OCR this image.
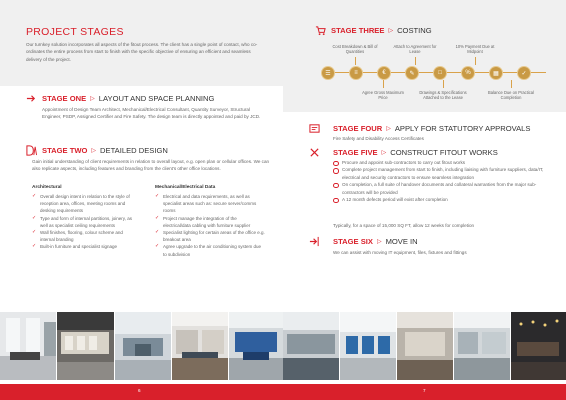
PROJECT STAGES
Our turnkey solution incorporates all aspects of the fitout process. The client has a single point of contact, who co-ordinates the entire process from start to finish with the specific objective of ensuring an efficient and seamless delivery of the project.
STAGE ONE ▷ LAYOUT AND SPACE PLANNING
Appointment of Design Team Architect, Mechanical/Electrical Consultant, Quantity Surveyor, Structural Engineer, PSDP, Assigned Certifier and Fire Safety. The design team is directly appointed and paid by JCD.
STAGE TWO ▷ DETAILED DESIGN
Gain initial understanding of client requirements in relation to overall layout, e.g. open plan or cellular offices. We can also replicate aspects, including features and branding from the client's other office locations.
Architectural
✓ Overall design intent in relation to the style of reception area, offices, meeting rooms and desking requirements
✓ Type and form of internal partitions, joinery, as well as specialist ceiling requirements
✓ Wall finishes, flooring, colour scheme and internal branding
✓ Built-in furniture and specialist signage
Mechanical/Electrical Data
✓ Electrical and data requirements, as well as specialist areas such as: secure server/comms rooms
✓ Project manage the integration of the electrical/data cabling with furniture supplier
✓ Specialist lighting for certain areas of the office e.g. breakout area
✓ Agree upgrade to the air conditioning system due to subdivision
6
STAGE THREE ▷ COSTING
Cost Breakdown & Bill of Quantities
Attach to Agreement for Lease
10% Payment Due at Midpoint
☰	≡	€	✎	□	%	▦	✓
Agree Gross Maximum Price
Drawings & Specifications Attached to the Lease
Balance Due on Practical Completion
STAGE FOUR ▷ APPLY FOR STATUTORY APPROVALS
Fire Safety and Disability Access Certificates
STAGE FIVE ▷ CONSTRUCT FITOUT WORKS
Procure and appoint sub-contractors to carry out fitout works
Complete project management from start to finish, including liaising with furniture suppliers, data/IT, electrical and security contractors to ensure seamless integration
On completion, a full suite of handover documents and collateral warranties from the major sub-contractors will be provided
A 12 month defects period will exist after completion
Typically, for a space of 15,000 SQ FT, allow 12 weeks for completion
STAGE SIX ▷ MOVE IN
We can assist with moving IT equipment, files, fixtures and fittings
7
